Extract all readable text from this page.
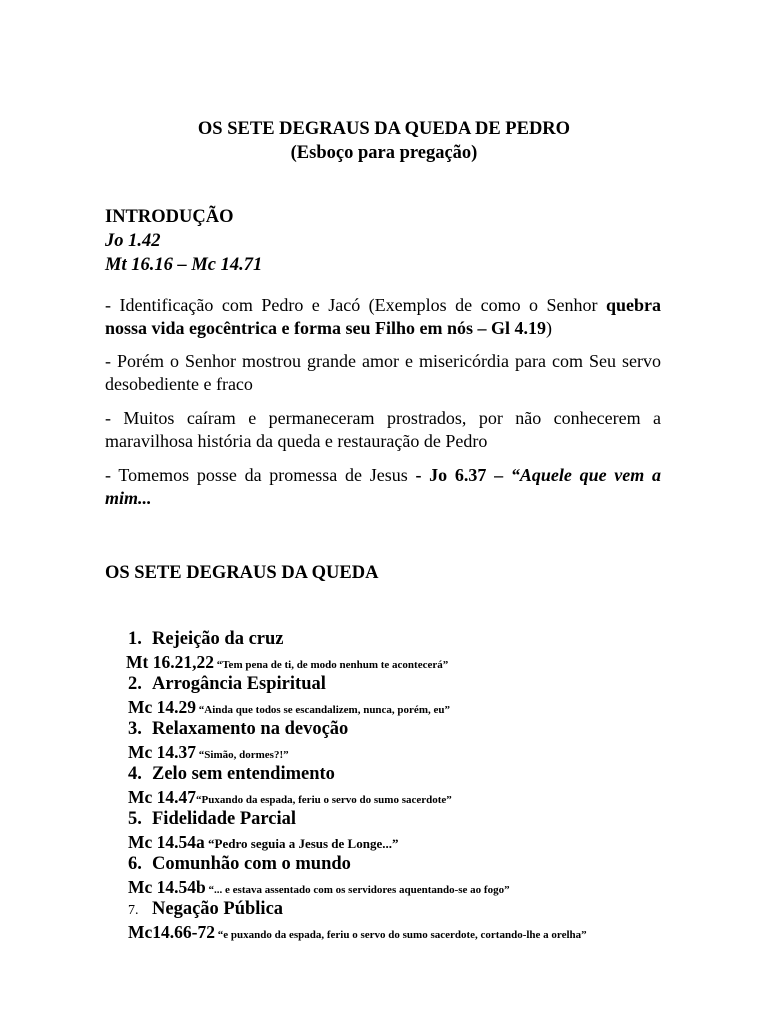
OS SETE DEGRAUS DA QUEDA DE PEDRO
(Esboço para pregação)
INTRODUÇÃO
Jo 1.42
Mt 16.16 – Mc 14.71
- Identificação com Pedro e Jacó (Exemplos de como o Senhor quebra nossa vida egocêntrica e forma seu Filho em nós – Gl 4.19)
- Porém o Senhor mostrou grande amor e misericórdia para com Seu servo desobediente e fraco
- Muitos caíram e permaneceram prostrados, por não conhecerem a maravilhosa história da queda e restauração de Pedro
- Tomemos posse da promessa de Jesus - Jo 6.37 – “Aquele que vem a mim...
OS SETE DEGRAUS DA QUEDA
1. Rejeição da cruz
Mt 16.21,22 “Tem pena de ti, de modo nenhum te acontecerá”
2. Arrogância Espiritual
Mc 14.29 “Ainda que todos se escandalizem, nunca, porém, eu”
3. Relaxamento na devoção
Mc 14.37 “Simão, dormes?!”
4. Zelo sem entendimento
Mc 14.47“Puxando da espada, feriu o servo do sumo sacerdote”
5. Fidelidade Parcial
Mc 14.54a “Pedro seguia a Jesus de Longe...”
6. Comunhão com o mundo
Mc 14.54b “... e estava assentado com os servidores aquentando-se ao fogo”
7. Negação Pública
Mc14.66-72 “e puxando da espada, feriu o servo do sumo sacerdote, cortando-lhe a orelha”
